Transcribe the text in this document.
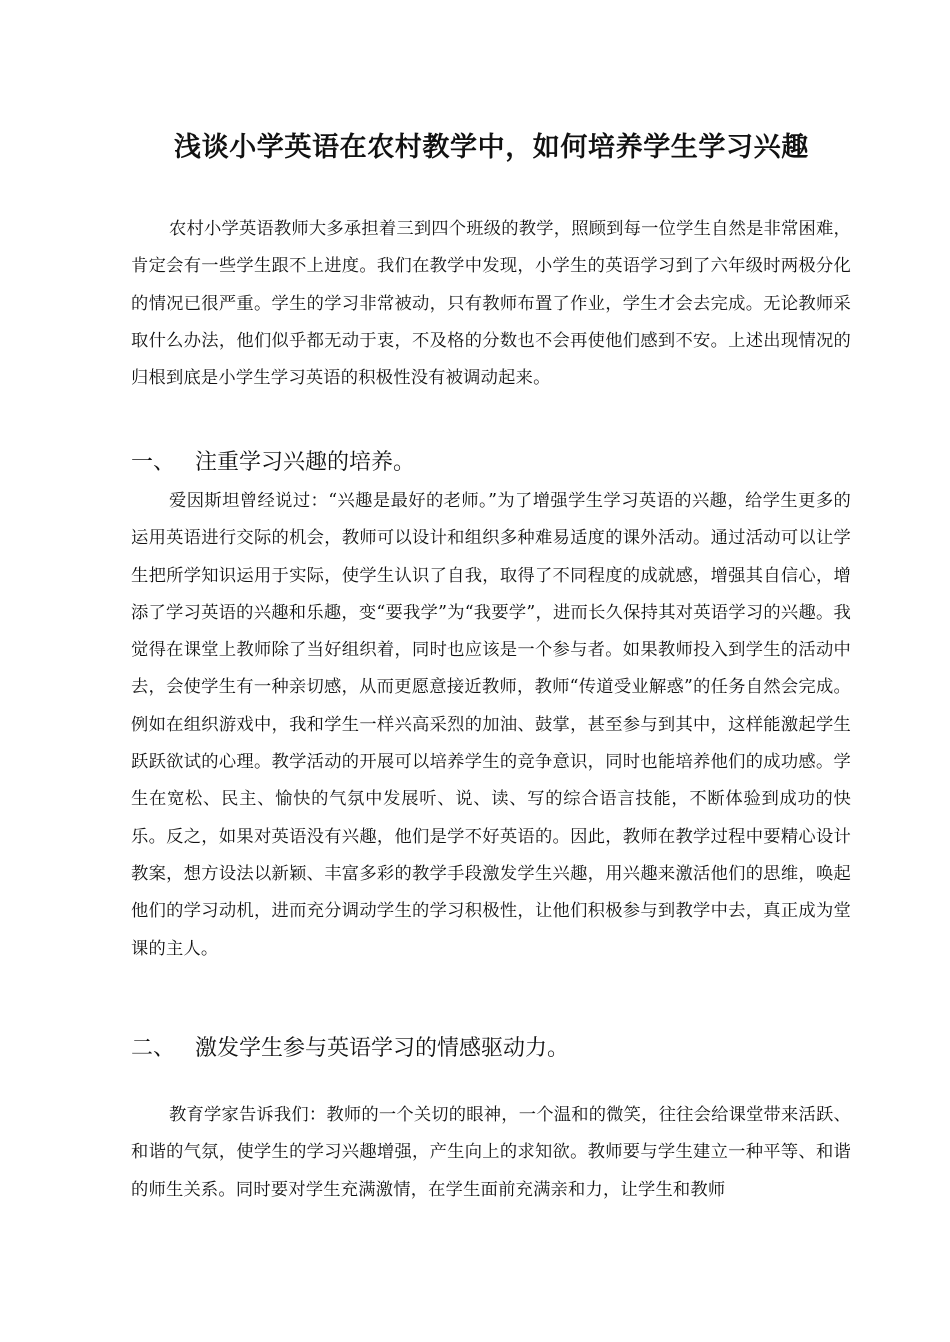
浅谈小学英语在农村教学中，如何培养学生学习兴趣

农村小学英语教师大多承担着三到四个班级的教学，照顾到每一位学生自然是非常困难，肯定会有一些学生跟不上进度。我们在教学中发现，小学生的英语学习到了六年级时两极分化的情况已很严重。学生的学习非常被动，只有教师布置了作业，学生才会去完成。无论教师采取什么办法，他们似乎都无动于衷，不及格的分数也不会再使他们感到不安。上述出现情况的归根到底是小学生学习英语的积极性没有被调动起来。

一、 注重学习兴趣的培养。

爱因斯坦曾经说过：“兴趣是最好的老师。”为了增强学生学习英语的兴趣，给学生更多的运用英语进行交际的机会，教师可以设计和组织多种难易适度的课外活动。通过活动可以让学生把所学知识运用于实际，使学生认识了自我，取得了不同程度的成就感，增强其自信心，增添了学习英语的兴趣和乐趣，变“要我学”为“我要学”，进而长久保持其对英语学习的兴趣。我觉得在课堂上教师除了当好组织着，同时也应该是一个参与者。如果教师投入到学生的活动中去，会使学生有一种亲切感，从而更愿意接近教师，教师“传道受业解惑”的任务自然会完成。例如在组织游戏中，我和学生一样兴高采烈的加油、鼓掌，甚至参与到其中，这样能激起学生跃跃欲试的心理。教学活动的开展可以培养学生的竞争意识，同时也能培养他们的成功感。学生在宽松、民主、愉快的气氛中发展听、说、读、写的综合语言技能，不断体验到成功的快乐。反之，如果对英语没有兴趣，他们是学不好英语的。因此，教师在教学过程中要精心设计教案，想方设法以新颖、丰富多彩的教学手段激发学生兴趣，用兴趣来激活他们的思维，唤起他们的学习动机，进而充分调动学生的学习积极性，让他们积极参与到教学中去，真正成为堂课的主人。

二、 激发学生参与英语学习的情感驱动力。

教育学家告诉我们：教师的一个关切的眼神，一个温和的微笑，往往会给课堂带来活跃、和谐的气氛，使学生的学习兴趣增强，产生向上的求知欲。教师要与学生建立一种平等、和谐的师生关系。同时要对学生充满激情，在学生面前充满亲和力，让学生和教师
